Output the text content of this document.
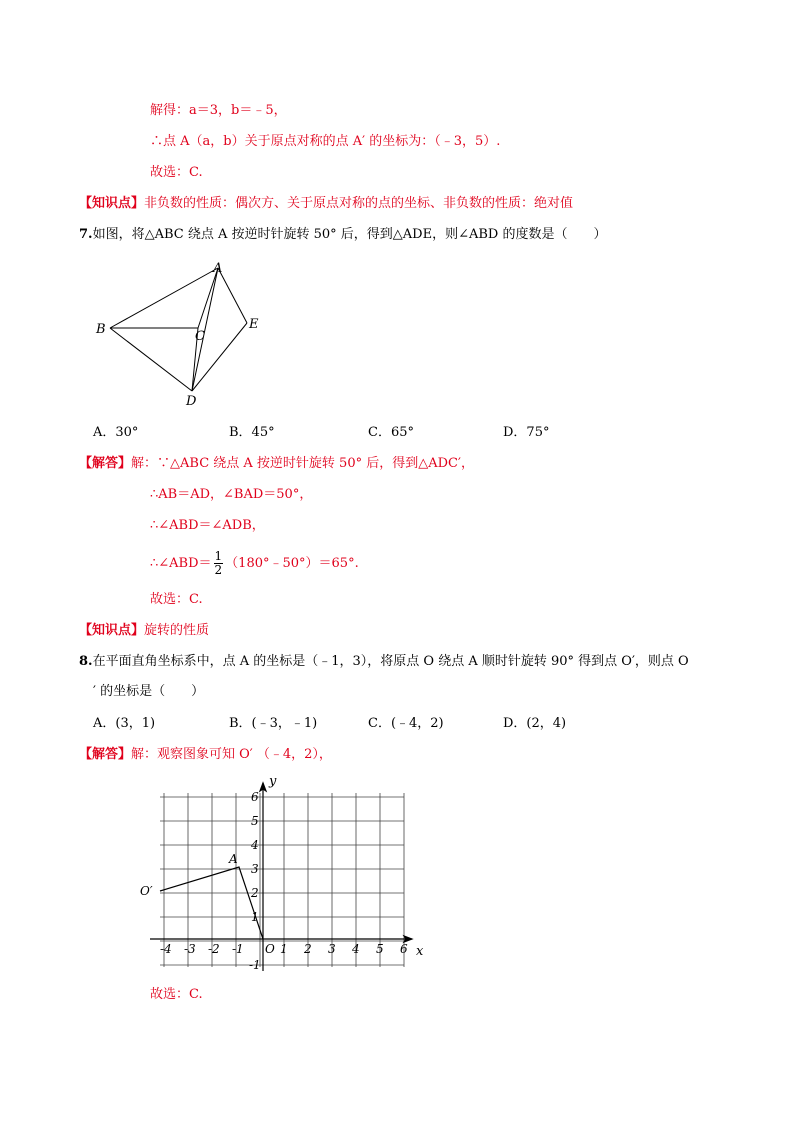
解得：a＝3，b＝﹣5，
∴点 A（a，b）关于原点对称的点 A′ 的坐标为：（﹣3，5）.
故选：C.
【知识点】非负数的性质：偶次方、关于原点对称的点的坐标、非负数的性质：绝对值
7.如图，将△ABC 绕点 A 按逆时针旋转 50° 后，得到△ADE，则∠ABD 的度数是（　　）
A
B	C
D
E
A．30°	B．45°	C．65°	D．75°
【解答】解：∵△ABC 绕点 A 按逆时针旋转 50° 后，得到△ADC′，
∴AB＝AD，∠BAD＝50°，
∴∠ABD＝∠ADB，
∴∠ABD＝ $\frac{1}{2}$ （180°﹣50°）＝65°.
故选：C.
【知识点】旋转的性质
8.在平面直角坐标系中，点 A 的坐标是（﹣1，3），将原点 O 绕点 A 顺时针旋转 90° 得到点 O′，则点 O
′ 的坐标是（　　）
A．(3，1)	B．(﹣3，﹣1)	C．(﹣4，2)	D．(2，4)
【解答】解：观察图象可知 O′ （﹣4，2），
-4 -3 -2 -1	1 2 3 4 5 6
6
5
4
3
2
1
-1
x
y
O
A
O′
故选：C.
